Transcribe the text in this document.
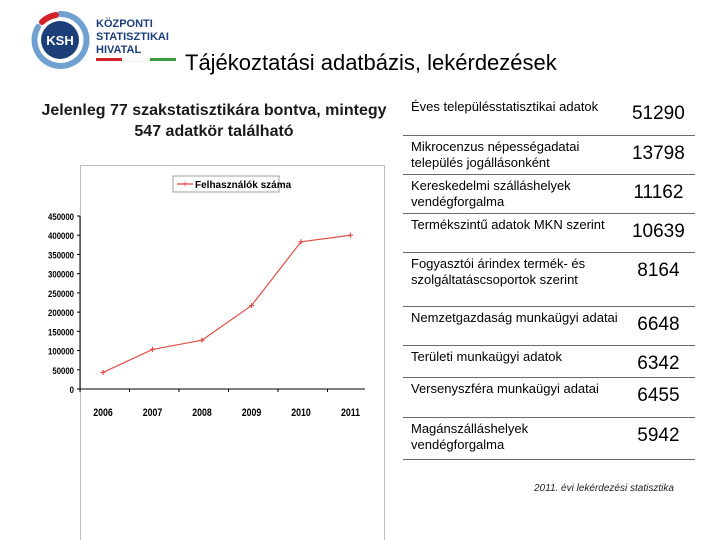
KSH
KÖZPONTI
STATISZTIKAI
HIVATAL	Tájékoztatási adatbázis, lekérdezések
Jelenleg 77 szakstatisztikára bontva, mintegy 547 adatkör található
+ Felhasználók száma
0
50000
100000
150000
200000
250000
300000
350000
400000
450000
2006	2007	2008	2009	2010	2011
Éves településstatisztikai adatok	51290
Mikrocenzus népességadatai település jogállásonként	13798
Kereskedelmi szálláshelyek vendégforgalma	11162
Termékszintű adatok MKN szerint	10639
Fogyasztói árindex termék- és szolgáltatáscsoportok szerint	8164
Nemzetgazdaság munkaügyi adatai	6648
Területi munkaügyi adatok	6342
Versenyszféra munkaügyi adatai	6455
Magánszálláshelyek vendégforgalma	5942
2011. évi lekérdezési statisztika
